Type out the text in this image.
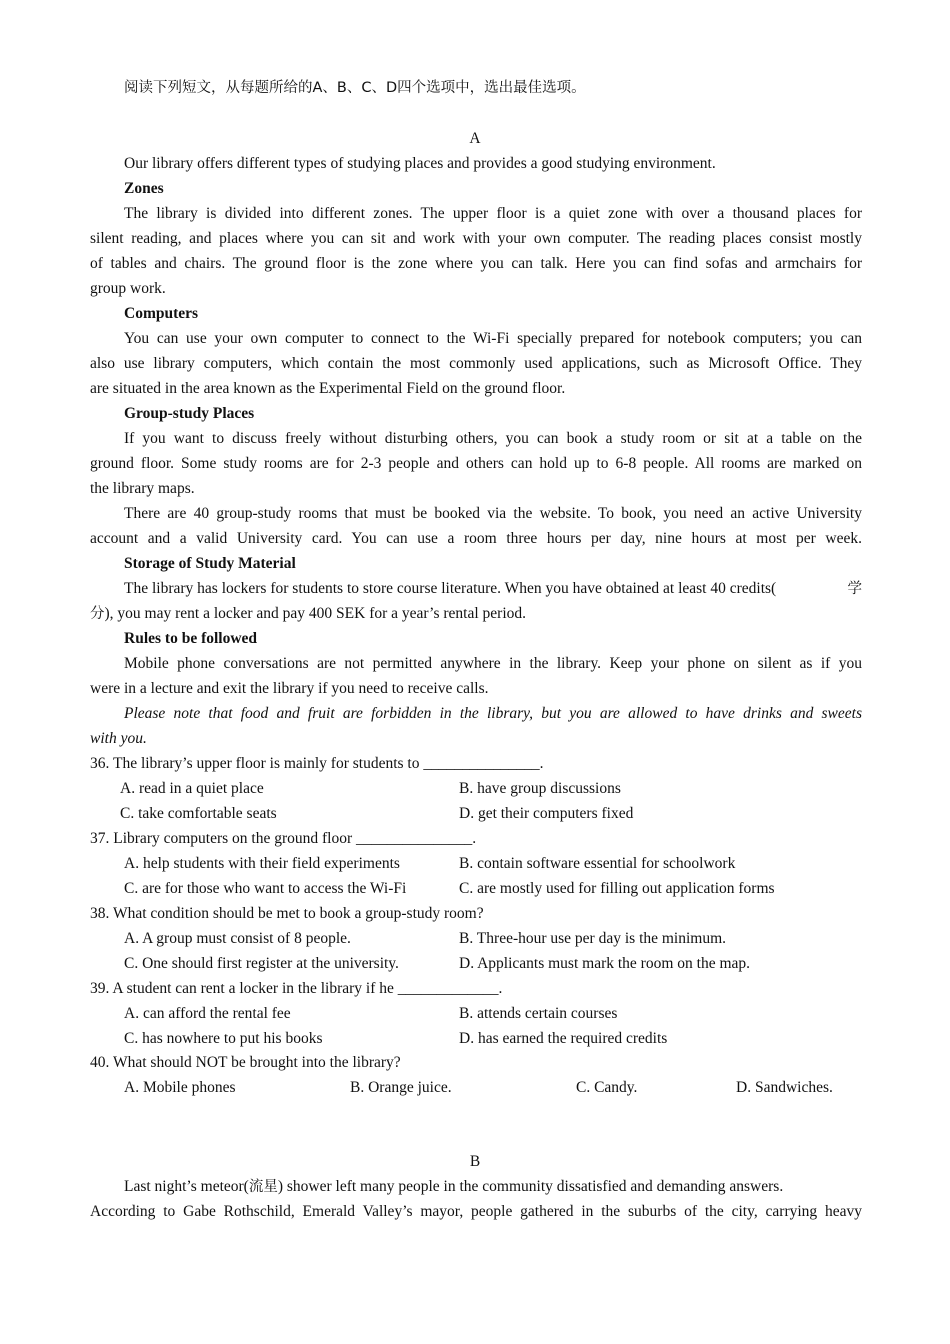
阅读下列短文，从每题所给的A、B、C、D四个选项中，选出最佳选项。
A
Our library offers different types of studying places and provides a good studying environment.
Zones
The library is divided into different zones. The upper floor is a quiet zone with over a thousand places for
silent reading, and places where you can sit and work with your own computer. The reading places consist mostly
of tables and chairs. The ground floor is the zone where you can talk. Here you can find sofas and armchairs for
group work.
Computers
You can use your own computer to connect to the Wi-Fi specially prepared for notebook computers; you can
also use library computers, which contain the most commonly used applications, such as Microsoft Office. They
are situated in the area known as the Experimental Field on the ground floor.
Group-study Places
If you want to discuss freely without disturbing others, you can book a study room or sit at a table on the
ground floor. Some study rooms are for 2-3 people and others can hold up to 6-8 people. All rooms are marked on
the library maps.
There are 40 group-study rooms that must be booked via the website. To book, you need an active University
account and a valid University card. You can use a room three hours per day, nine hours at most per week.
Storage of Study Material
The library has lockers for students to store course literature. When you have obtained at least 40 credits(	学
分), you may rent a locker and pay 400 SEK for a year’s rental period.
Rules to be followed
Mobile phone conversations are not permitted anywhere in the library. Keep your phone on silent as if you
were in a lecture and exit the library if you need to receive calls.
Please note that food and fruit are forbidden in the library, but you are allowed to have drinks and sweets
with you.
36. The library’s upper floor is mainly for students to _______________.
A. read in a quiet place	B. have group discussions
C. take comfortable seats	D. get their computers fixed
37. Library computers on the ground floor _______________.
A. help students with their field experiments	B. contain software essential for schoolwork
C. are for those who want to access the Wi-Fi	C. are mostly used for filling out application forms
38. What condition should be met to book a group-study room?
A. A group must consist of 8 people.	B. Three-hour use per day is the minimum.
C. One should first register at the university.	D. Applicants must mark the room on the map.
39. A student can rent a locker in the library if he _____________.
A. can afford the rental fee	B. attends certain courses
C. has nowhere to put his books	D. has earned the required credits
40. What should NOT be brought into the library?
A. Mobile phones	B. Orange juice.	C. Candy.	D. Sandwiches.
B
Last night’s meteor(流星) shower left many people in the community dissatisfied and demanding answers.
According to Gabe Rothschild, Emerald Valley’s mayor, people gathered in the suburbs of the city, carrying heavy
